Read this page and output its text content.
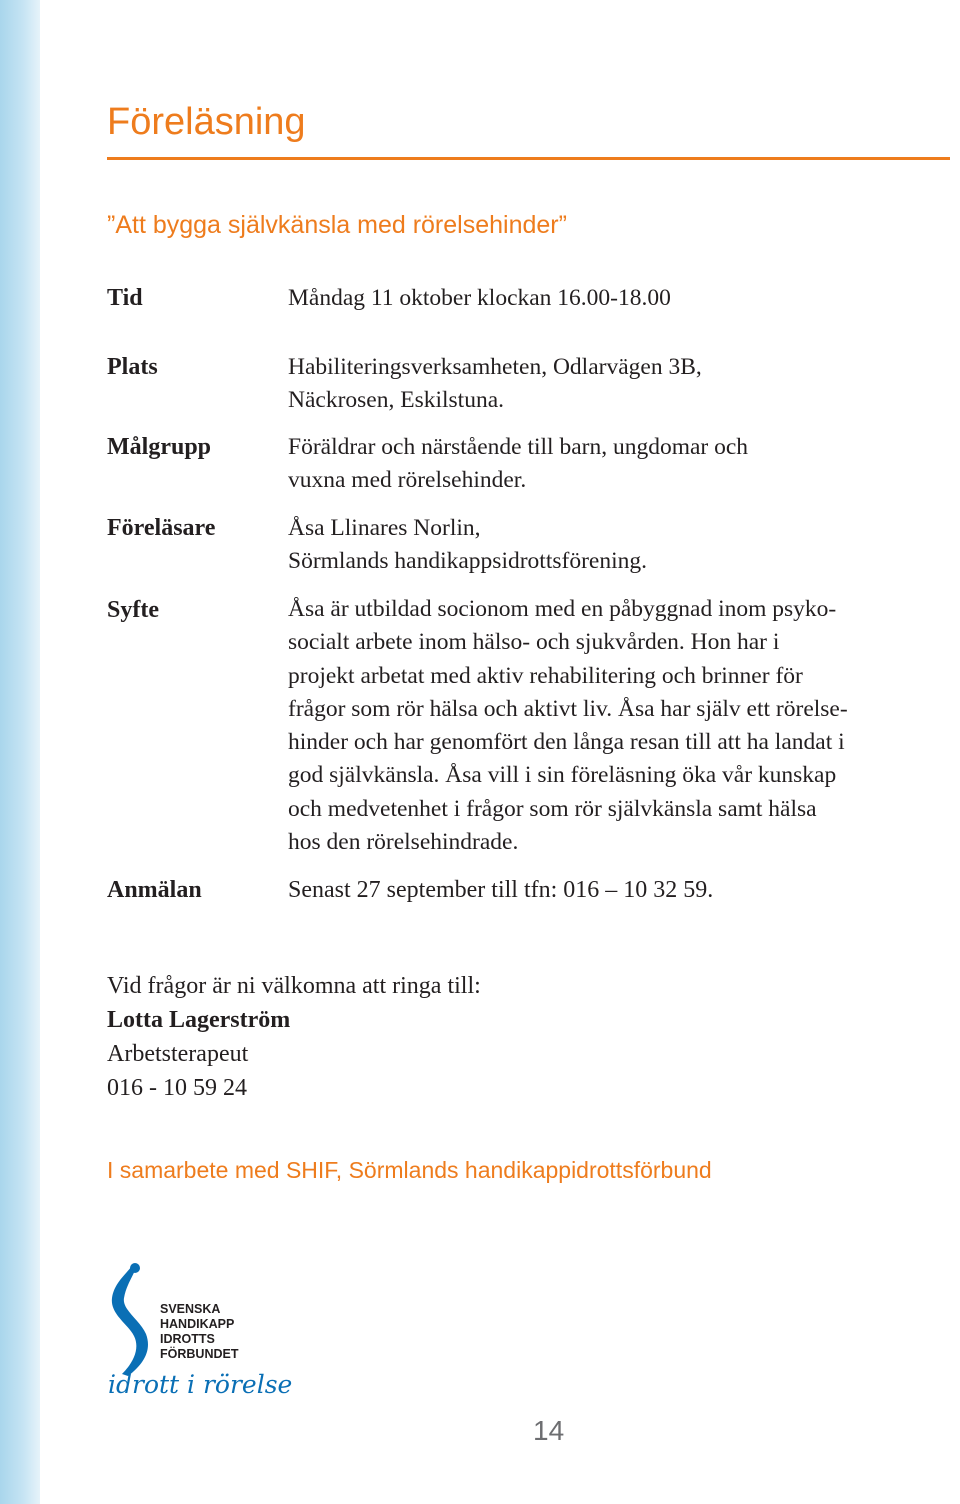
Föreläsning
”Att bygga självkänsla med rörelsehinder”
Tid	Måndag 11 oktober klockan 16.00-18.00

Plats	Habiliteringsverksamheten, Odlarvägen 3B,
Näckrosen, Eskilstuna.

Målgrupp	Föräldrar och närstående till barn, ungdomar och
vuxna med rörelsehinder.

Föreläsare	Åsa Llinares Norlin,
Sörmlands handikappsidrottsförening.

Syfte	Åsa är utbildad socionom med en påbyggnad inom psyko-
socialt arbete inom hälso- och sjukvården. Hon har i
projekt arbetat med aktiv rehabilitering och brinner för
frågor som rör hälsa och aktivt liv. Åsa har själv ett rörelse-
hinder och har genomfört den långa resan till att ha landat i
god självkänsla. Åsa vill i sin föreläsning öka vår kunskap
och medvetenhet i frågor som rör självkänsla samt hälsa
hos den rörelsehindrade.

Anmälan	Senast 27 september till tfn: 016 – 10 32 59.

Vid frågor är ni välkomna att ringa till:
Lotta Lagerström
Arbetsterapeut
016 - 10 59 24
I samarbete med SHIF, Sörmlands handikappidrottsförbund
SVENSKA
HANDIKAPP
IDROTTS
FÖRBUNDET
idrott i rörelse
14
